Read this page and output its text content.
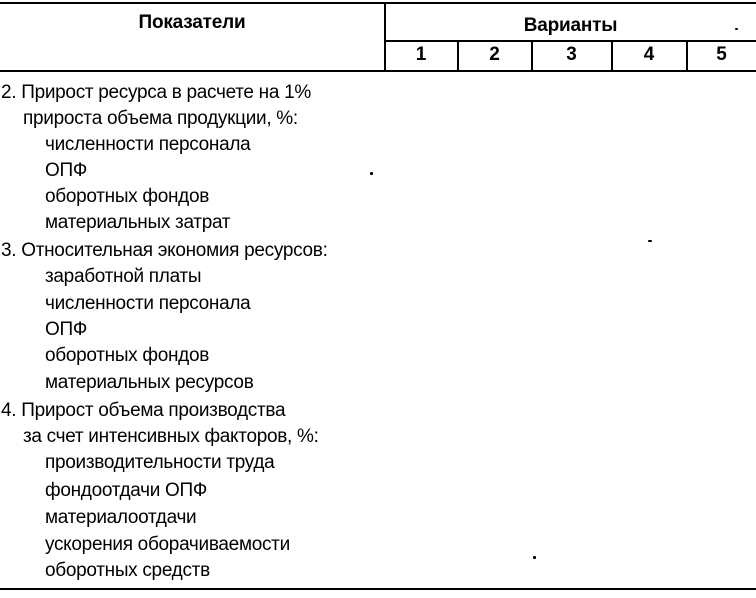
Показатели	Варианты
1	2	3	4	5
2. Прирост ресурса в расчете на 1%
приростa объема продукции, %:
численности персонала
ОПФ
оборотных фондов
материальных затрат
3. Относительная экономия ресурсов:
заработной платы
численности персонала
ОПФ
оборотных фондов
материальных ресурсов
4. Прирост объема производства
за счет интенсивных факторов, %:
производительности труда
фондоотдачи ОПФ
материалоотдачи
ускорения оборачиваемости
оборотных средств
